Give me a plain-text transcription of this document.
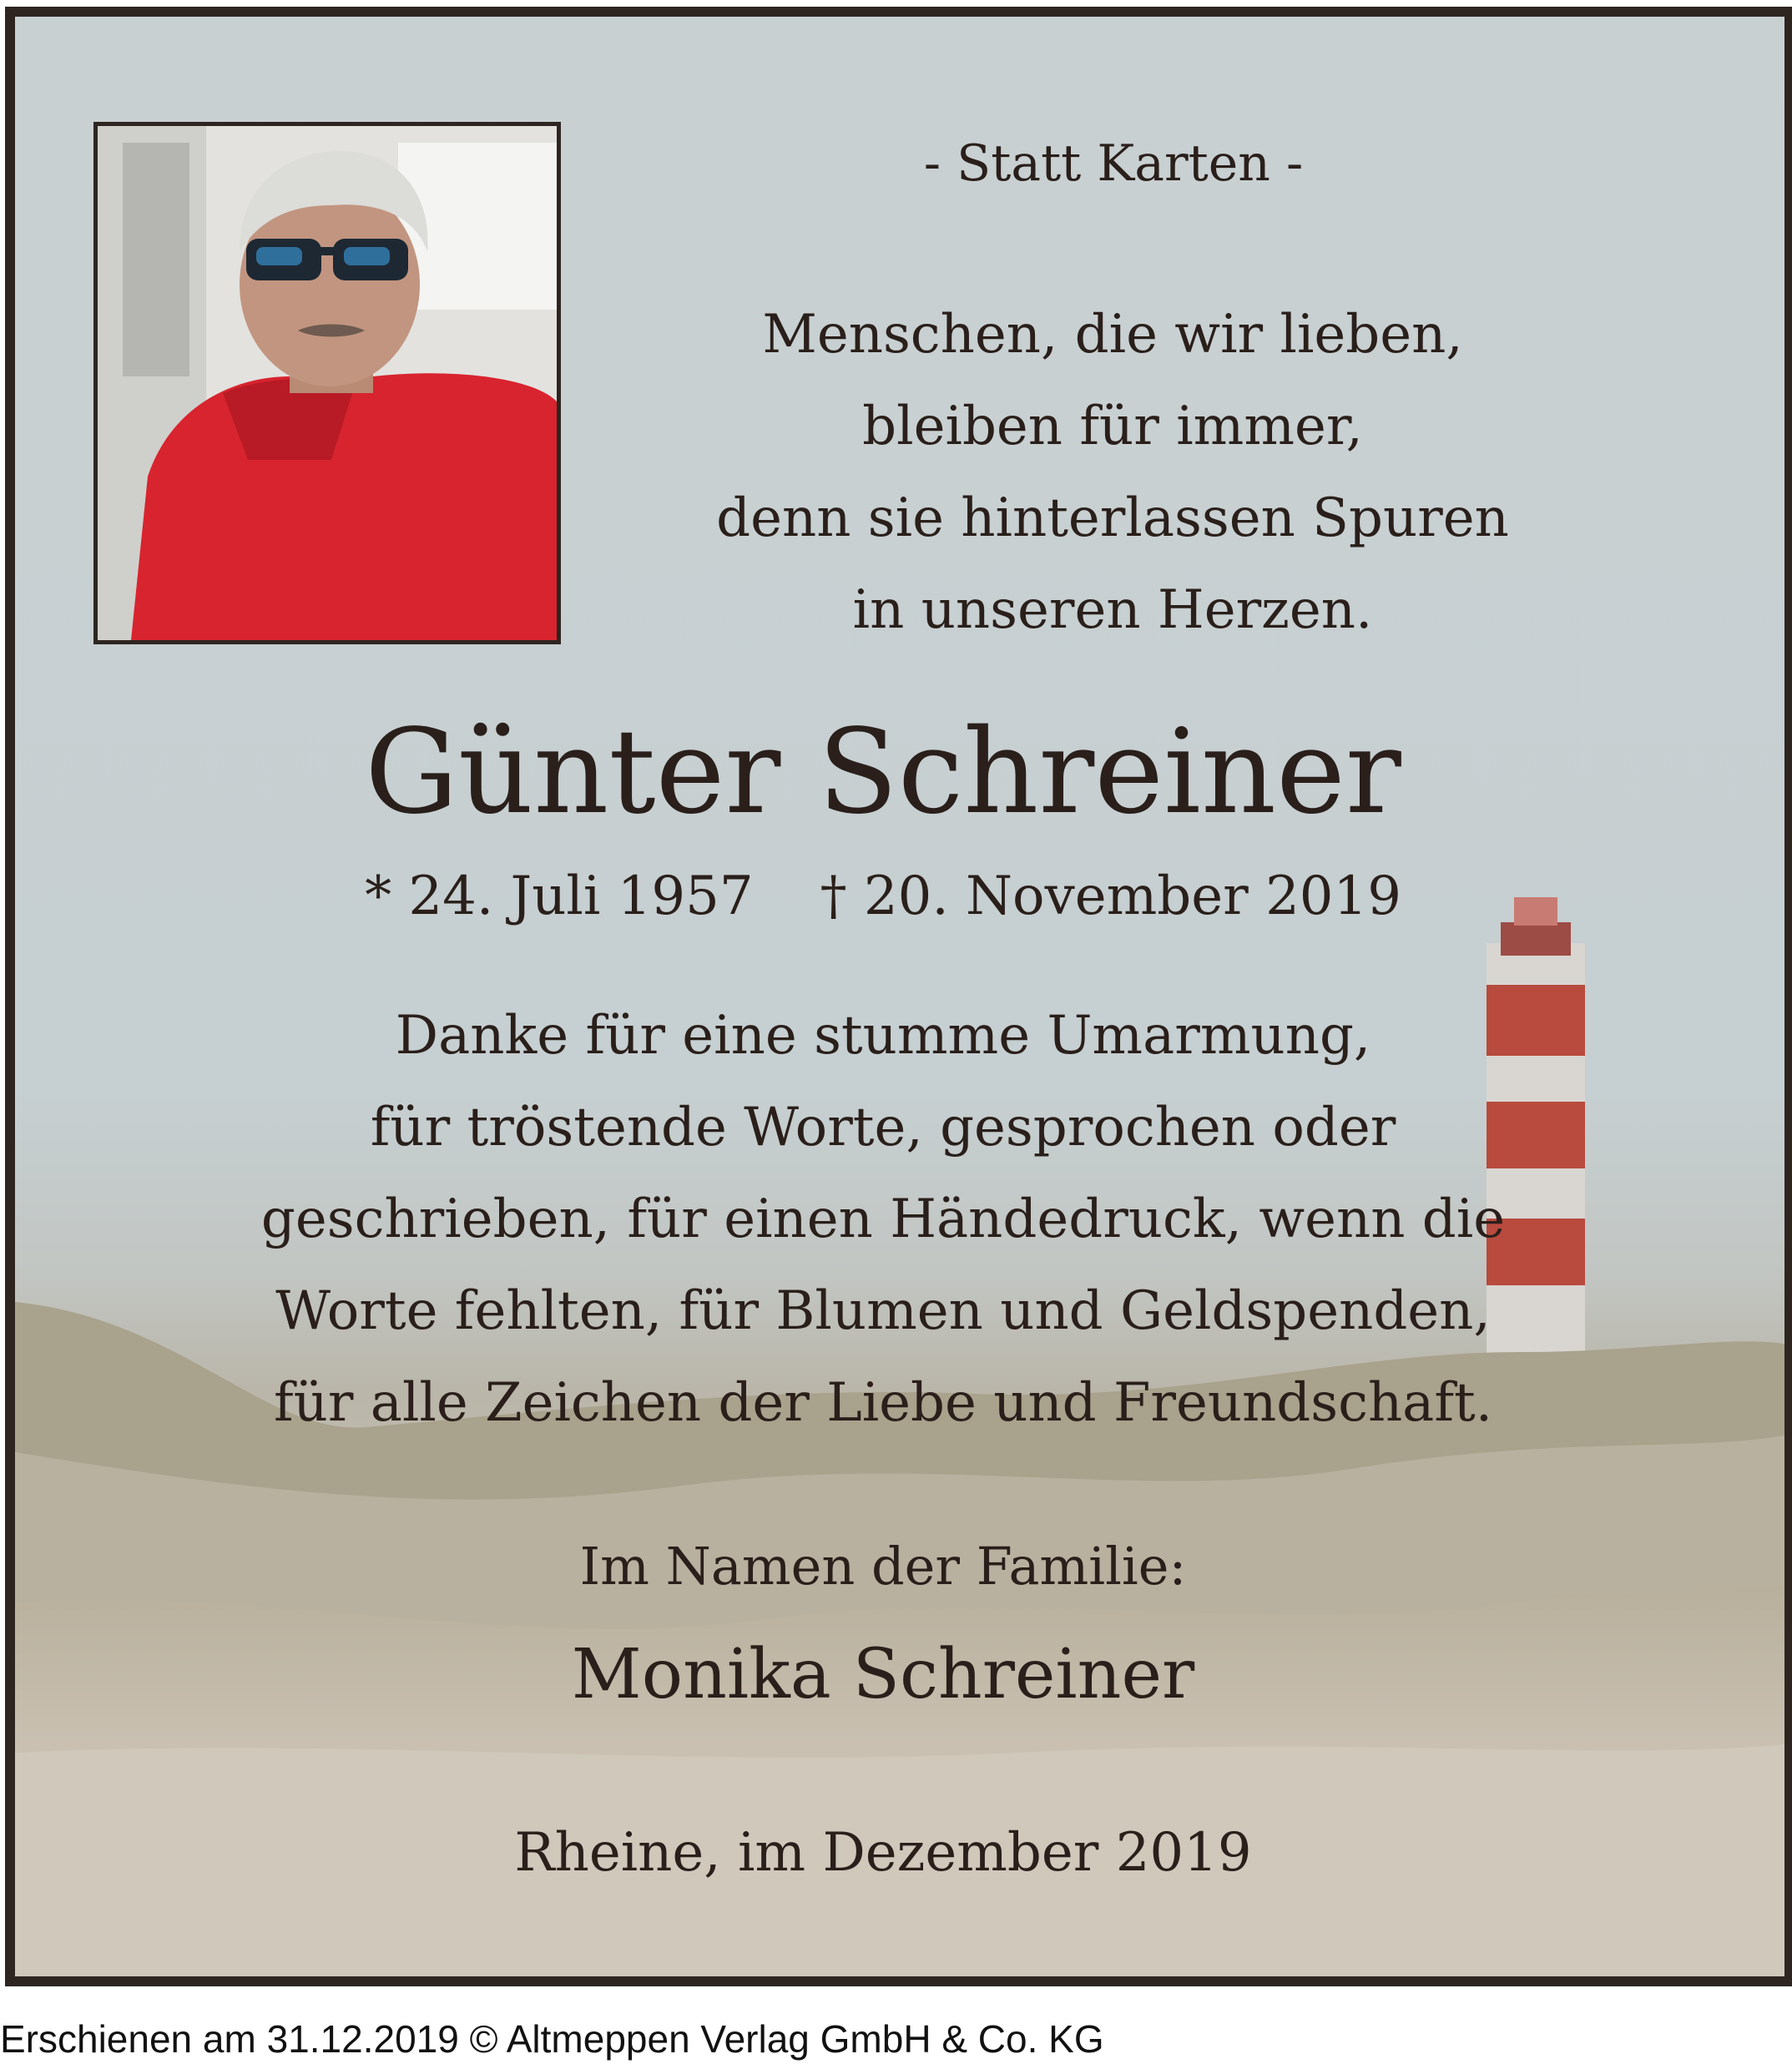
- Statt Karten -
Menschen, die wir lieben,
bleiben für immer,
denn sie hinterlassen Spuren
in unseren Herzen.
Günter Schreiner
* 24. Juli 1957 † 20. November 2019
Danke für eine stumme Umarmung,
für tröstende Worte, gesprochen oder
geschrieben, für einen Händedruck, wenn die
Worte fehlten, für Blumen und Geldspenden,
für alle Zeichen der Liebe und Freundschaft.
Im Namen der Familie:
Monika Schreiner
Rheine, im Dezember 2019
Erschienen am 31.12.2019 © Altmeppen Verlag GmbH & Co. KG
